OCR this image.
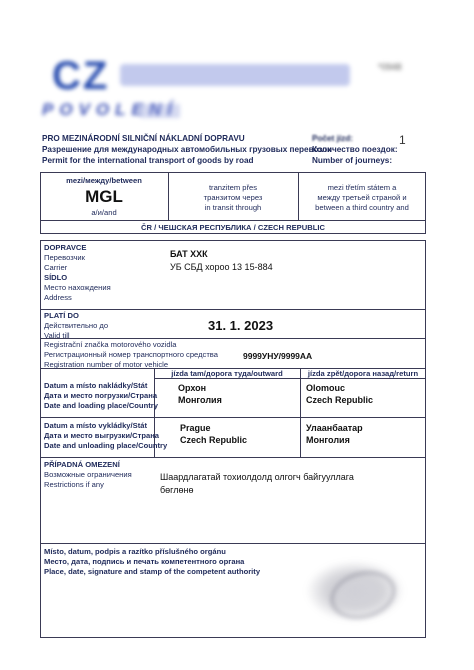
CZ	*0948
POVOLENÍ
PRO MEZINÁRODNÍ SILNIČNÍ NÁKLADNÍ DOPRAVU
Разрешение для международных автомобильных грузовых перевозок
Permit for the international transport of goods by road
Počet jízd:
Количество поездок:
Number of journeys:
1
mezi/между/between
MGL
a/и/and
tranzitem přes
транзитом через
in transit through
mezi třetím státem a
между третьей страной и
between a third country and
ČR / ЧЕШСКАЯ РЕСПУБЛИКА / CZECH REPUBLIC
DOPRAVCE
Перевозчик
Carrier
SÍDLO
Место нахождения
Address
БАТ ХХК
УБ СБД хороо 13 15-884
PLATÍ DO
Действительно до
Valid till
31. 1. 2023
Registrační značka motorového vozidla
Регистрационный номер транспортного средства
Registration number of motor vehicle
9999УНУ/9999АА
jízda tam/дорога туда/outward	jízda zpět/дорога назад/return
Datum a místo nakládky/Stát
Дата и место погрузки/Страна
Date and loading place/Country
Орхон
Монголия
Olomouc
Czech Republic
Datum a místo vykládky/Stát
Дата и место выгрузки/Страна
Date and unloading place/Country
Prague
Czech Republic
Улаанбаатар
Монголия
PŘÍPADNÁ OMEZENÍ
Возможные ограничения
Restrictions if any
Шаардлагатай тохиолдолд олгогч байгууллага
бөглөнө
Místo, datum, podpis a razítko příslušného orgánu
Место, дата, подпись и печать компетентного органа
Place, date, signature and stamp of the competent authority
